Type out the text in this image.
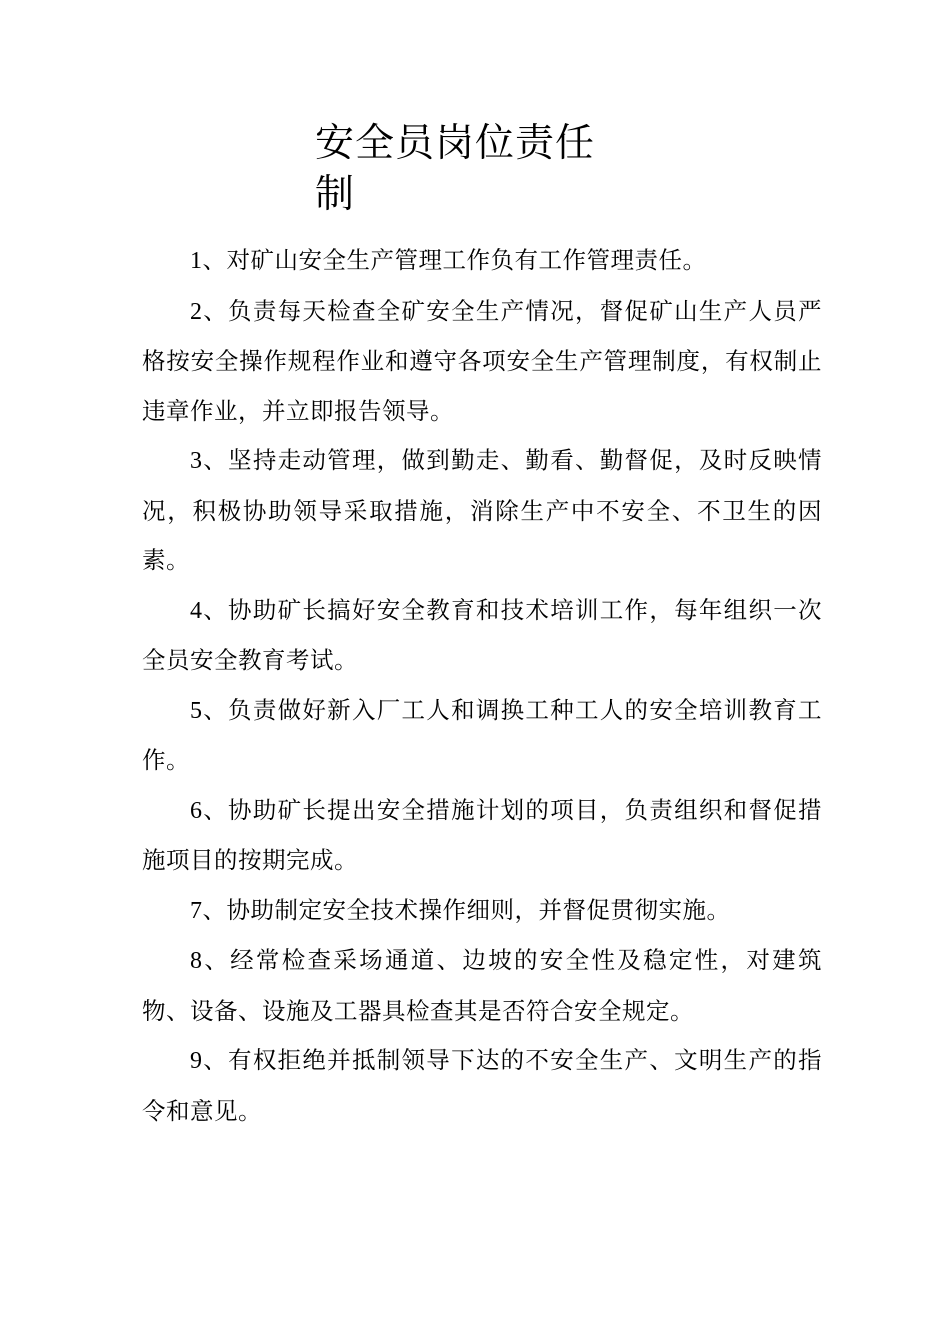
安全员岗位责任制

1、对矿山安全生产管理工作负有工作管理责任。

2、负责每天检查全矿安全生产情况，督促矿山生产人员严格按安全操作规程作业和遵守各项安全生产管理制度，有权制止违章作业，并立即报告领导。

3、坚持走动管理，做到勤走、勤看、勤督促，及时反映情况，积极协助领导采取措施，消除生产中不安全、不卫生的因素。

4、协助矿长搞好安全教育和技术培训工作，每年组织一次全员安全教育考试。

5、负责做好新入厂工人和调换工种工人的安全培训教育工作。

6、协助矿长提出安全措施计划的项目，负责组织和督促措施项目的按期完成。

7、协助制定安全技术操作细则，并督促贯彻实施。

8、经常检查采场通道、边坡的安全性及稳定性，对建筑物、设备、设施及工器具检查其是否符合安全规定。

9、有权拒绝并抵制领导下达的不安全生产、文明生产的指令和意见。
